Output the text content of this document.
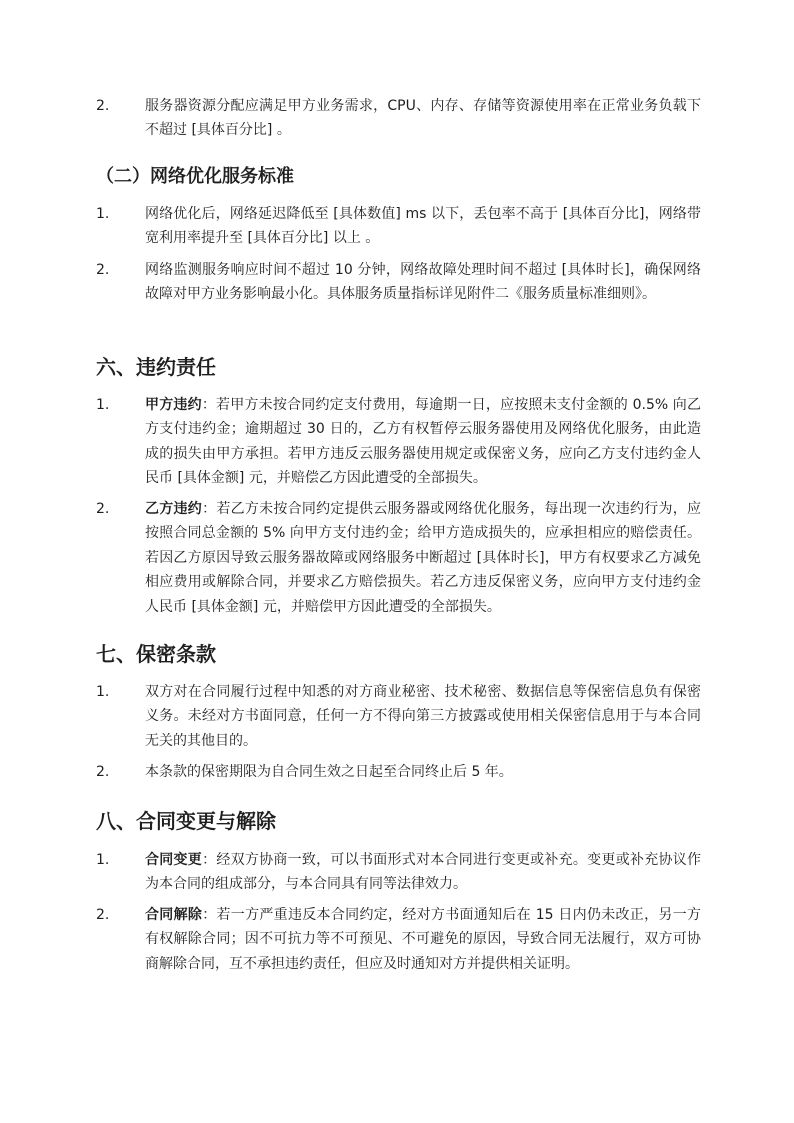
2.	服务器资源分配应满足甲方业务需求，CPU、内存、存储等资源使用率在正常业务负载下不超过 [具体百分比] 。
（二）网络优化服务标准
1.	网络优化后，网络延迟降低至 [具体数值] ms 以下，丢包率不高于 [具体百分比]，网络带宽利用率提升至 [具体百分比] 以上 。
2.	网络监测服务响应时间不超过 10 分钟，网络故障处理时间不超过 [具体时长]，确保网络故障对甲方业务影响最小化。具体服务质量指标详见附件二《服务质量标准细则》。
六、违约责任
1.	甲方违约：若甲方未按合同约定支付费用，每逾期一日，应按照未支付金额的 0.5% 向乙方支付违约金；逾期超过 30 日的，乙方有权暂停云服务器使用及网络优化服务，由此造成的损失由甲方承担。若甲方违反云服务器使用规定或保密义务，应向乙方支付违约金人民币 [具体金额] 元，并赔偿乙方因此遭受的全部损失。
2.	乙方违约：若乙方未按合同约定提供云服务器或网络优化服务，每出现一次违约行为，应按照合同总金额的 5% 向甲方支付违约金；给甲方造成损失的，应承担相应的赔偿责任。若因乙方原因导致云服务器故障或网络服务中断超过 [具体时长]，甲方有权要求乙方减免相应费用或解除合同，并要求乙方赔偿损失。若乙方违反保密义务，应向甲方支付违约金人民币 [具体金额] 元，并赔偿甲方因此遭受的全部损失。
七、保密条款
1.	双方对在合同履行过程中知悉的对方商业秘密、技术秘密、数据信息等保密信息负有保密义务。未经对方书面同意，任何一方不得向第三方披露或使用相关保密信息用于与本合同无关的其他目的。
2.	本条款的保密期限为自合同生效之日起至合同终止后 5 年。
八、合同变更与解除
1.	合同变更：经双方协商一致，可以书面形式对本合同进行变更或补充。变更或补充协议作为本合同的组成部分，与本合同具有同等法律效力。
2.	合同解除：若一方严重违反本合同约定，经对方书面通知后在 15 日内仍未改正，另一方有权解除合同；因不可抗力等不可预见、不可避免的原因，导致合同无法履行，双方可协商解除合同，互不承担违约责任，但应及时通知对方并提供相关证明。
